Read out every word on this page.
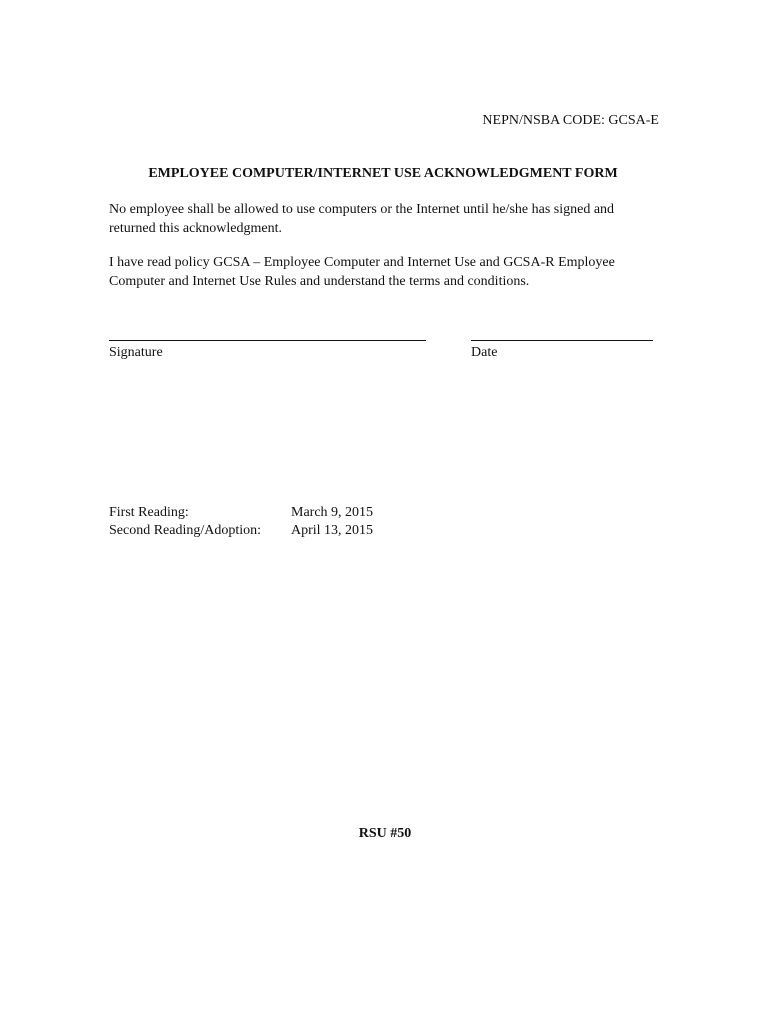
NEPN/NSBA CODE: GCSA-E
EMPLOYEE COMPUTER/INTERNET USE ACKNOWLEDGMENT FORM

No employee shall be allowed to use computers or the Internet until he/she has signed and returned this acknowledgment.

I have read policy GCSA – Employee Computer and Internet Use and GCSA-R Employee Computer and Internet Use Rules and understand the terms and conditions.

Signature	Date
First Reading:	March 9, 2015
Second Reading/Adoption: April 13, 2015
RSU #50
